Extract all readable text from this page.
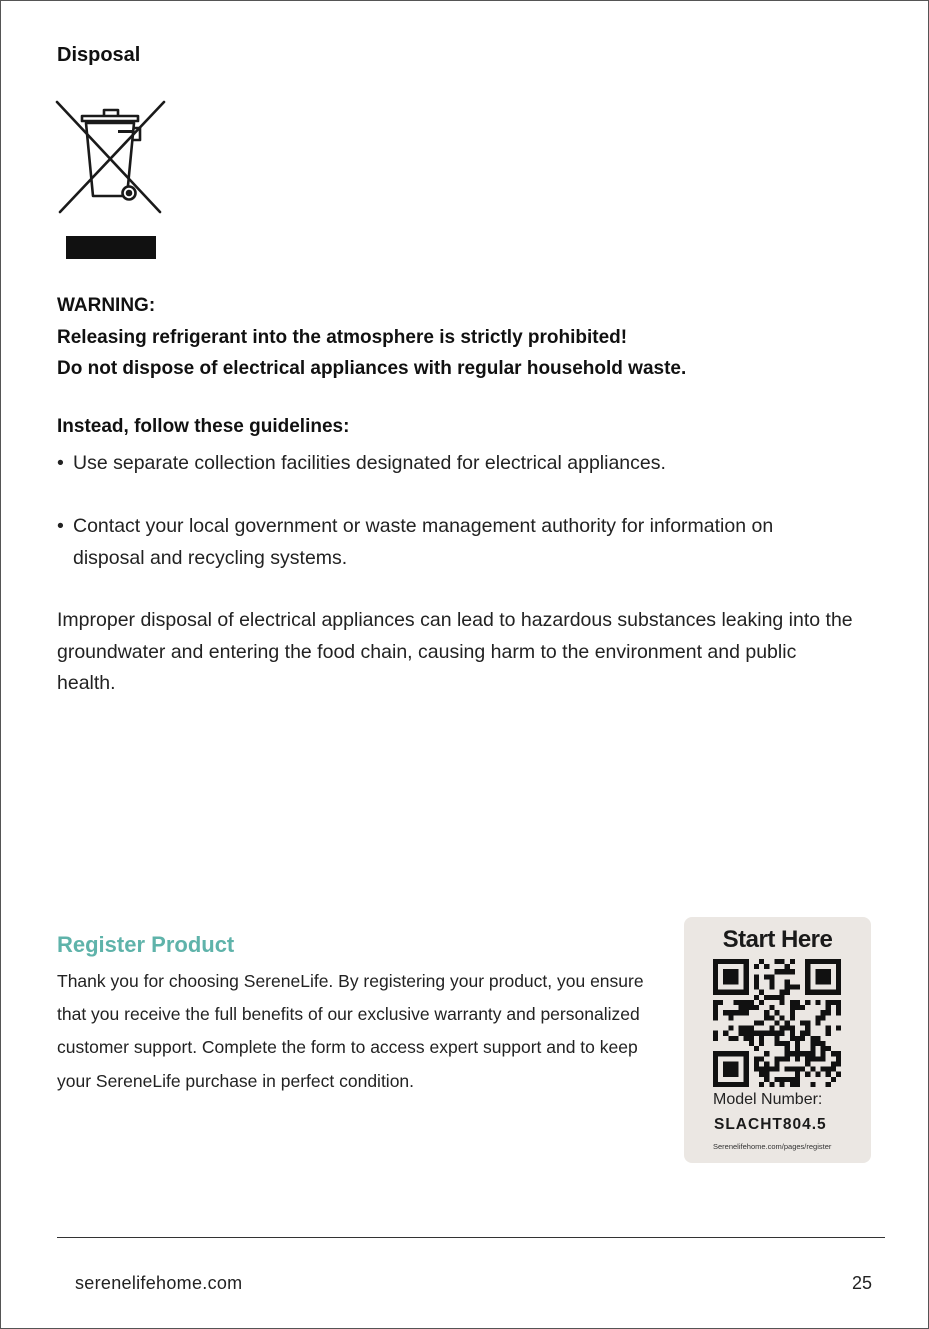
Disposal
WARNING:
Releasing refrigerant into the atmosphere is strictly prohibited!
Do not dispose of electrical appliances with regular household waste.
Instead, follow these guidelines:
• Use separate collection facilities designated for electrical appliances.
• Contact your local government or waste management authority for information on disposal and recycling systems.
Improper disposal of electrical appliances can lead to hazardous substances leaking into the groundwater and entering the food chain, causing harm to the environment and public health.
Register Product
Thank you for choosing SereneLife. By registering your product, you ensure that you receive the full benefits of our exclusive warranty and personalized customer support. Complete the form to access expert support and to keep your SereneLife purchase in perfect condition.
Start Here
Model Number:
SLACHT804.5
Serenelifehome.com/pages/register
serenelifehome.com	25
